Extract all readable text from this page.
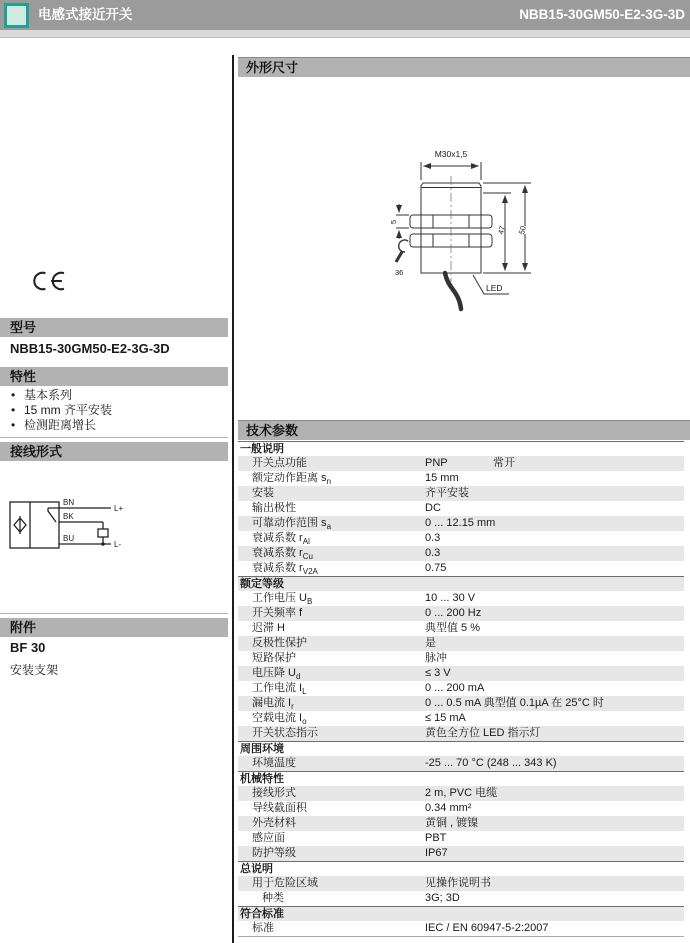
电感式接近开关	NBB15-30GM50-E2-3G-3D
型号
NBB15-30GM50-E2-3G-3D
特性
• 基本系列
• 15 mm 齐平安装
• 检测距离增长
接线形式
BN
BK
BU
L+
L-
附件
BF 30
安装支架
外形尺寸
M30x1,5
5
47 50
36
LED
技术参数
一般说明
开关点功能	PNP	常开
额定动作距离 $s_n$	15 mm
安装	齐平安装
输出极性	DC
可靠动作范围 $s_a$	0 ... 12.15 mm
衰减系数 $r_{Al}$	0.3
衰减系数 $r_{Cu}$	0.3
衰减系数 $r_{V2A}$	0.75
额定等级
工作电压 $U_B$	10 ... 30 V
开关频率 f	0 ... 200 Hz
迟滞 H	典型值 5 %
反极性保护	是
短路保护	脉冲
电压降 $U_d$	≤ 3 V
工作电流 $I_L$	0 ... 200 mA
漏电流 $I_r$	0 ... 0.5 mA 典型值 0.1µA 在 25°C 时
空载电流 $I_o$	≤ 15 mA
开关状态指示	黄色全方位 LED 指示灯
周围环境
环境温度	-25 ... 70 °C (248 ... 343 K)
机械特性
接线形式	2 m, PVC 电缆
导线截面积	0.34 mm²
外壳材料	黄铜 , 镀镍
感应面	PBT
防护等级	IP67
总说明
用于危险区域	见操作说明书
种类	3G; 3D
符合标准
标准	IEC / EN 60947-5-2:2007
